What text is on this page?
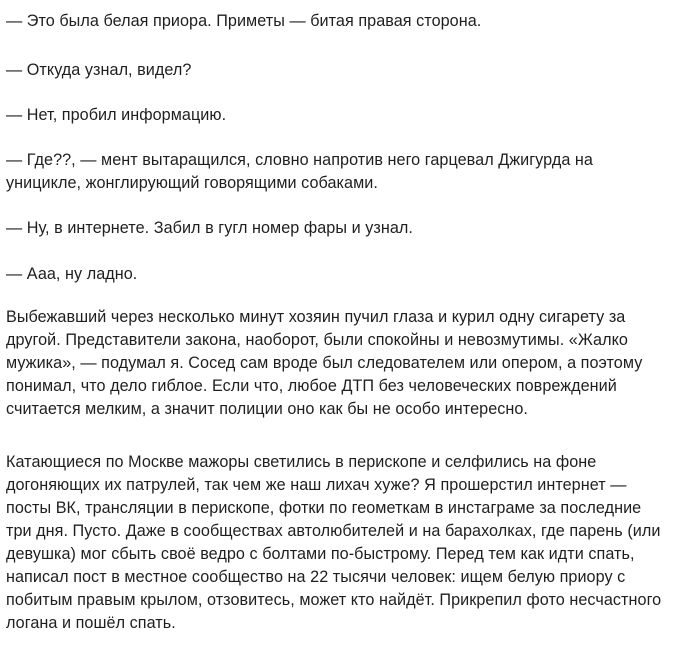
— Это была белая приора. Приметы — битая правая сторона.

— Откуда узнал, видел?

— Нет, пробил информацию.

— Где??, — мент вытаращился, словно напротив него гарцевал Джигурда на уницикле, жонглирующий говорящими собаками.

— Ну, в интернете. Забил в гугл номер фары и узнал.

— Ааа, ну ладно.

Выбежавший через несколько минут хозяин пучил глаза и курил одну сигарету за другой. Представители закона, наоборот, были спокойны и невозмутимы. «Жалко мужика», — подумал я. Сосед сам вроде был следователем или опером, а поэтому понимал, что дело гиблое. Если что, любое ДТП без человеческих повреждений считается мелким, а значит полиции оно как бы не особо интересно.

Катающиеся по Москве мажоры светились в перископе и селфились на фоне догоняющих их патрулей, так чем же наш лихач хуже? Я прошерстил интернет — посты ВК, трансляции в перископе, фотки по геометкам в инстаграме за последние три дня. Пусто. Даже в сообществах автолюбителей и на барахолках, где парень (или девушка) мог сбыть своё ведро с болтами по-быстрому. Перед тем как идти спать, написал пост в местное сообщество на 22 тысячи человек: ищем белую приору с побитым правым крылом, отзовитесь, может кто найдёт. Прикрепил фото несчастного логана и пошёл спать.
